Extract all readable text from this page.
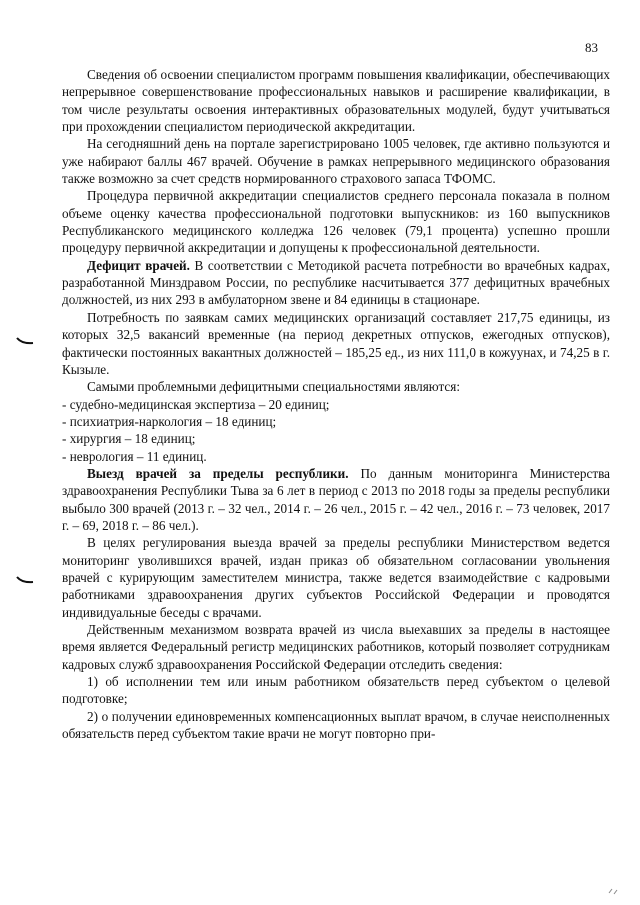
83

Сведения об освоении специалистом программ повышения квалификации, обеспечивающих непрерывное совершенствование профессиональных навыков и расширение квалификации, в том числе результаты освоения интерактивных образовательных модулей, будут учитываться при прохождении специалистом периодической аккредитации.

На сегодняшний день на портале зарегистрировано 1005 человек, где активно пользуются и уже набирают баллы 467 врачей. Обучение в рамках непрерывного медицинского образования также возможно за счет средств нормированного страхового запаса ТФОМС.

Процедура первичной аккредитации специалистов среднего персонала показала в полном объеме оценку качества профессиональной подготовки выпускников: из 160 выпускников Республиканского медицинского колледжа 126 человек (79,1 процента) успешно прошли процедуру первичной аккредитации и допущены к профессиональной деятельности.

Дефицит врачей. В соответствии с Методикой расчета потребности во врачебных кадрах, разработанной Минздравом России, по республике насчитывается 377 дефицитных врачебных должностей, из них 293 в амбулаторном звене и 84 единицы в стационаре.

Потребность по заявкам самих медицинских организаций составляет 217,75 единицы, из которых 32,5 вакансий временные (на период декретных отпусков, ежегодных отпусков), фактически постоянных вакантных должностей – 185,25 ед., из них 111,0 в кожуунах, и 74,25 в г. Кызыле.

Самыми проблемными дефицитными специальностями являются:

- судебно-медицинская экспертиза – 20 единиц;

- психиатрия-наркология – 18 единиц;

- хирургия – 18 единиц;

- неврология – 11 единиц.

Выезд врачей за пределы республики. По данным мониторинга Министерства здравоохранения Республики Тыва за 6 лет в период с 2013 по 2018 годы за пределы республики выбыло 300 врачей (2013 г. – 32 чел., 2014 г. – 26 чел., 2015 г. – 42 чел., 2016 г. – 73 человек, 2017 г. – 69, 2018 г. – 86 чел.).

В целях регулирования выезда врачей за пределы республики Министерством ведется мониторинг уволившихся врачей, издан приказ об обязательном согласовании увольнения врачей с курирующим заместителем министра, также ведется взаимодействие с кадровыми работниками здравоохранения других субъектов Российской Федерации и проводятся индивидуальные беседы с врачами.

Действенным механизмом возврата врачей из числа выехавших за пределы в настоящее время является Федеральный регистр медицинских работников, который позволяет сотрудникам кадровых служб здравоохранения Российской Федерации отследить сведения:

1) об исполнении тем или иным работником обязательств перед субъектом о целевой подготовке;

2) о получении единовременных компенсационных выплат врачом, в случае неисполненных обязательств перед субъектом такие врачи не могут повторно при-
